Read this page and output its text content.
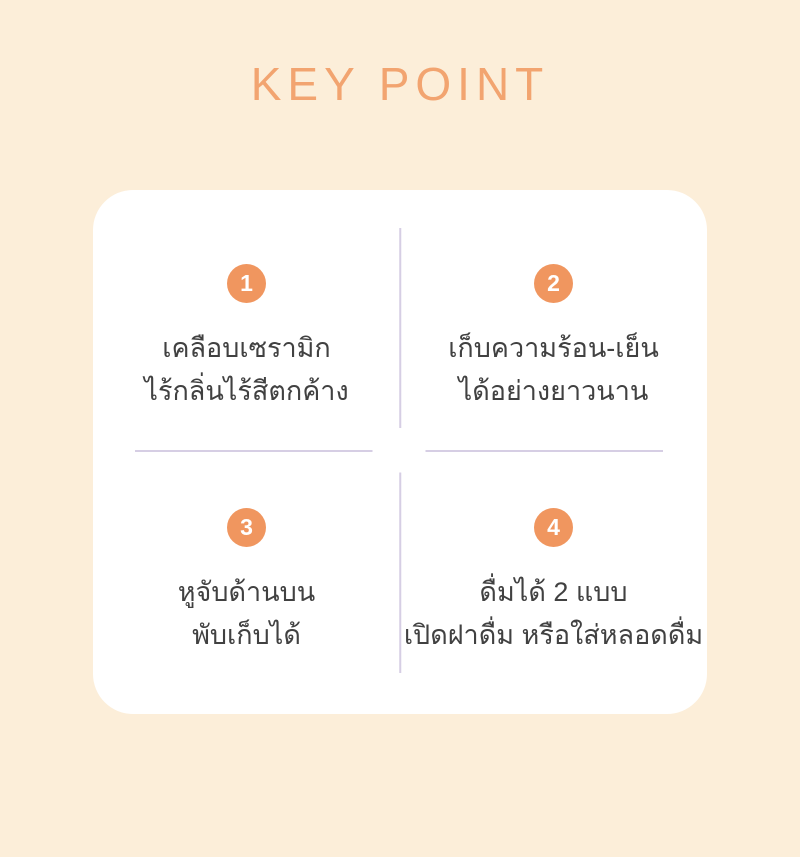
KEY POINT
1
เคลือบเซรามิก
ไร้กลิ่นไร้สีตกค้าง
2
เก็บความร้อน-เย็น
ได้อย่างยาวนาน
3
หูจับด้านบน
พับเก็บได้
4
ดื่มได้ 2 แบบ
เปิดฝาดื่ม หรือใส่หลอดดื่ม
